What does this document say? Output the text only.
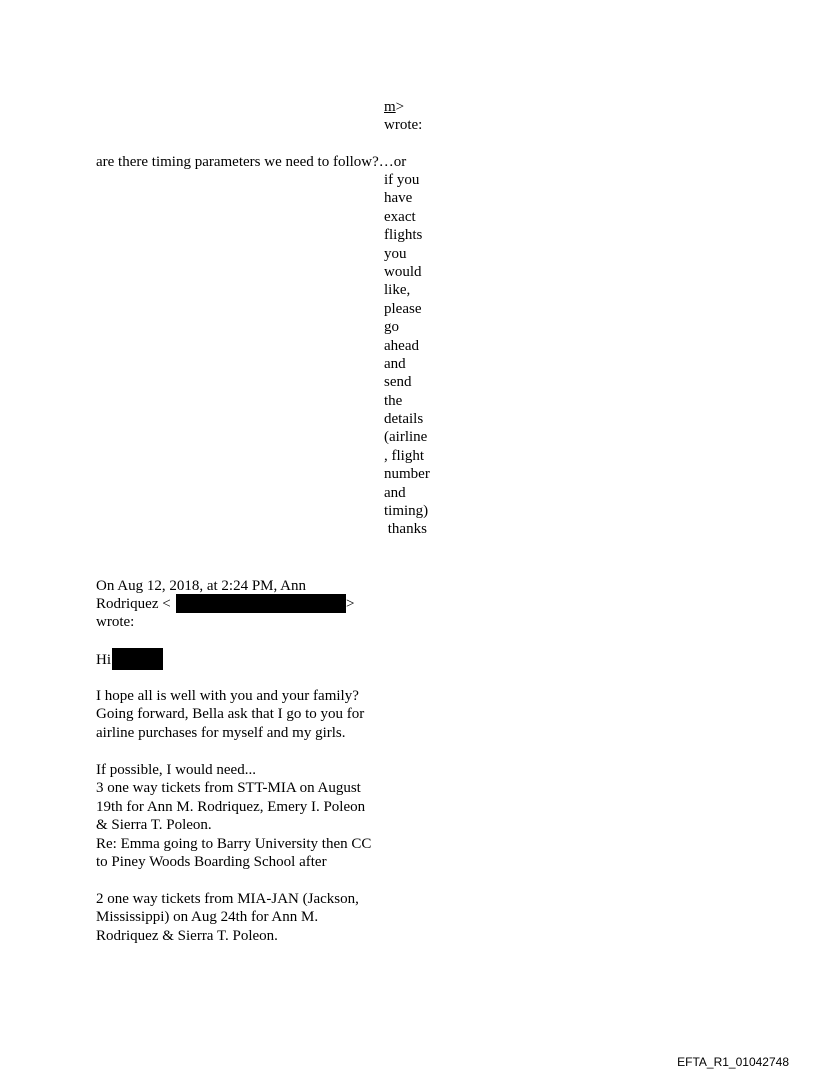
m>
wrote:
are there timing parameters we need to follow?…or
if you
have
exact
flights
you
would
like,
please
go
ahead
and
send
the
details
(airline
, flight
number
and
timing)
thanks
On Aug 12, 2018, at 2:24 PM, Ann
Rodriquez <	>
wrote:
Hi
I hope all is well with you and your family?
Going forward, Bella ask that I go to you for
airline purchases for myself and my girls.
If possible, I would need...
3 one way tickets from STT-MIA on August
19th for Ann M. Rodriquez, Emery I. Poleon
& Sierra T. Poleon.
Re: Emma going to Barry University then CC
to Piney Woods Boarding School after
2 one way tickets from MIA-JAN (Jackson,
Mississippi) on Aug 24th for Ann M.
Rodriquez & Sierra T. Poleon.
EFTA_R1_01042748
